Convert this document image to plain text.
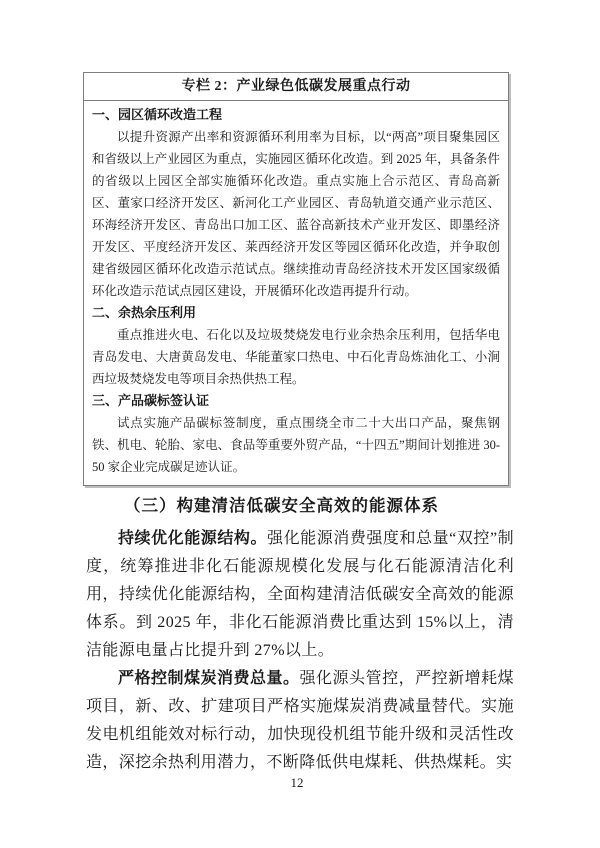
专栏 2：产业绿色低碳发展重点行动
一、园区循环改造工程

以提升资源产出率和资源循环利用率为目标，以“两高”项目聚集园区和省级以上产业园区为重点，实施园区循环化改造。到 2025 年，具备条件的省级以上园区全部实施循环化改造。重点实施上合示范区、青岛高新区、董家口经济开发区、新河化工产业园区、青岛轨道交通产业示范区、环海经济开发区、青岛出口加工区、蓝谷高新技术产业开发区、即墨经济开发区、平度经济开发区、莱西经济开发区等园区循环化改造，并争取创建省级园区循环化改造示范试点。继续推动青岛经济技术开发区国家级循环化改造示范试点园区建设，开展循环化改造再提升行动。

二、余热余压利用

重点推进火电、石化以及垃圾焚烧发电行业余热余压利用，包括华电青岛发电、大唐黄岛发电、华能董家口热电、中石化青岛炼油化工、小涧西垃圾焚烧发电等项目余热供热工程。

三、产品碳标签认证

试点实施产品碳标签制度，重点围绕全市二十大出口产品，聚焦钢铁、机电、轮胎、家电、食品等重要外贸产品，“十四五”期间计划推进 30-50 家企业完成碳足迹认证。

（三）构建清洁低碳安全高效的能源体系

持续优化能源结构。强化能源消费强度和总量“双控”制度，统筹推进非化石能源规模化发展与化石能源清洁化利用，持续优化能源结构，全面构建清洁低碳安全高效的能源体系。到 2025 年，非化石能源消费比重达到 15%以上，清洁能源电量占比提升到 27%以上。

严格控制煤炭消费总量。强化源头管控，严控新增耗煤项目，新、改、扩建项目严格实施煤炭消费减量替代。实施发电机组能效对标行动，加快现役机组节能升级和灵活性改造，深挖余热利用潜力，不断降低供电煤耗、供热煤耗。实

12
